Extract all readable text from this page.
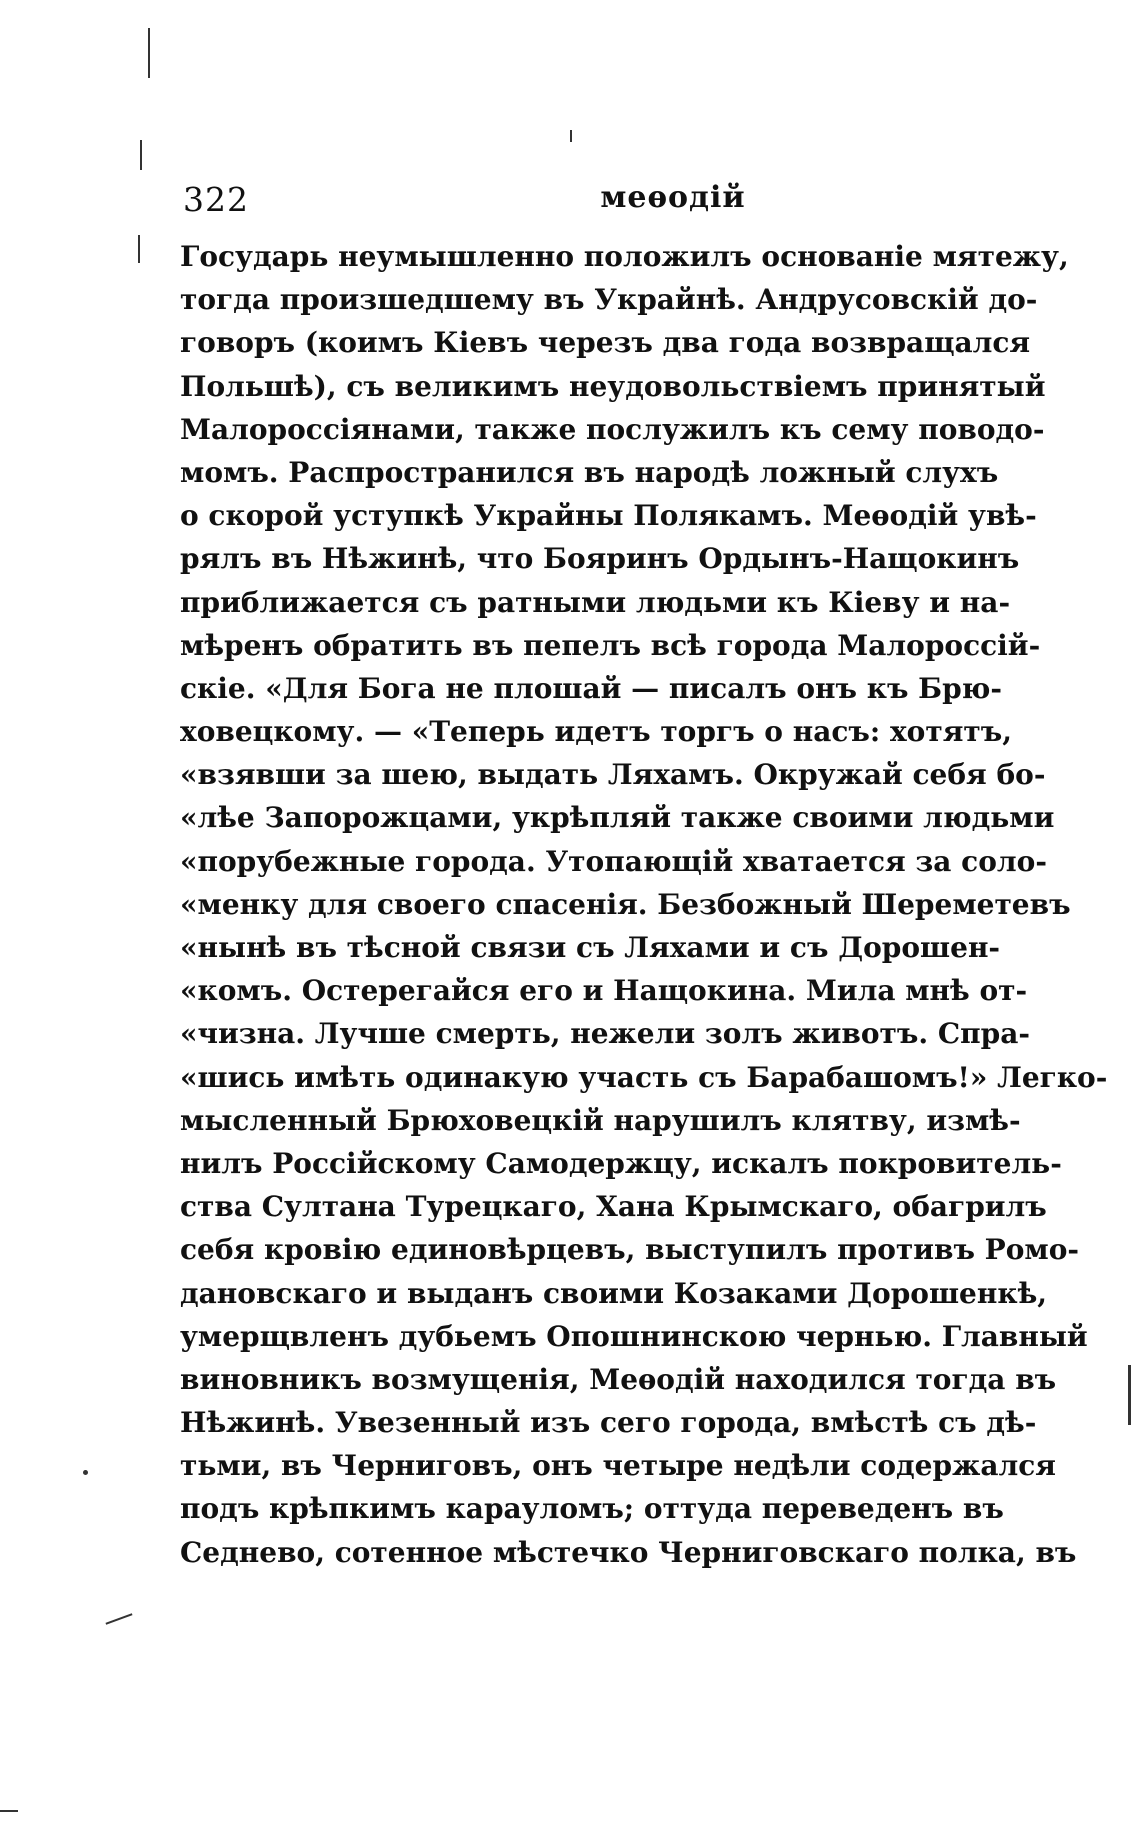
322	меѳодій
Государь неумышленно положилъ основаніе мятежу,
тогда произшедшему въ Украйнѣ. Андрусовскій до-
говоръ (коимъ Кіевъ черезъ два года возвращался
Польшѣ), съ великимъ неудовольствіемъ принятый
Малороссіянами, также послужилъ къ сему поводо-
момъ. Распространился въ народѣ ложный слухъ
о скорой уступкѣ Украйны Полякамъ. Меѳодій увѣ-
рялъ въ Нѣжинѣ, что Бояринъ Ордынъ-Нащокинъ
приближается съ ратными людьми къ Кіеву и на-
мѣренъ обратить въ пепелъ всѣ города Малороссій-
скіе. «Для Бога не плошай — писалъ онъ къ Брю-
ховецкому. — «Теперь идетъ торгъ о насъ: хотятъ,
«взявши за шею, выдать Ляхамъ. Окружай себя бо-
«лѣе Запорожцами, укрѣпляй также своими людьми
«порубежные города. Утопающій хватается за соло-
«менку для своего спасенія. Безбожный Шереметевъ
«нынѣ въ тѣсной связи съ Ляхами и съ Дорошен-
«комъ. Остерегайся его и Нащокина. Мила мнѣ от-
«чизна. Лучше смерть, нежели золъ животъ. Спра-
«шись имѣть одинакую участь съ Барабашомъ!» Легко-
мысленный Брюховецкій нарушилъ клятву, измѣ-
нилъ Россійскому Самодержцу, искалъ покровитель-
ства Султана Турецкаго, Хана Крымскаго, обагрилъ
себя кровію единовѣрцевъ, выступилъ противъ Ромо-
дановскаго и выданъ своими Козаками Дорошенкѣ,
умерщвленъ дубьемъ Опошнинскою чернью. Главный
виновникъ возмущенія, Меѳодій находился тогда въ
Нѣжинѣ. Увезенный изъ сего города, вмѣстѣ съ дѣ-
тьми, въ Черниговъ, онъ четыре недѣли содержался
подъ крѣпкимъ карауломъ; оттуда переведенъ въ
Седнево, сотенное мѣстечко Черниговскаго полка, въ
